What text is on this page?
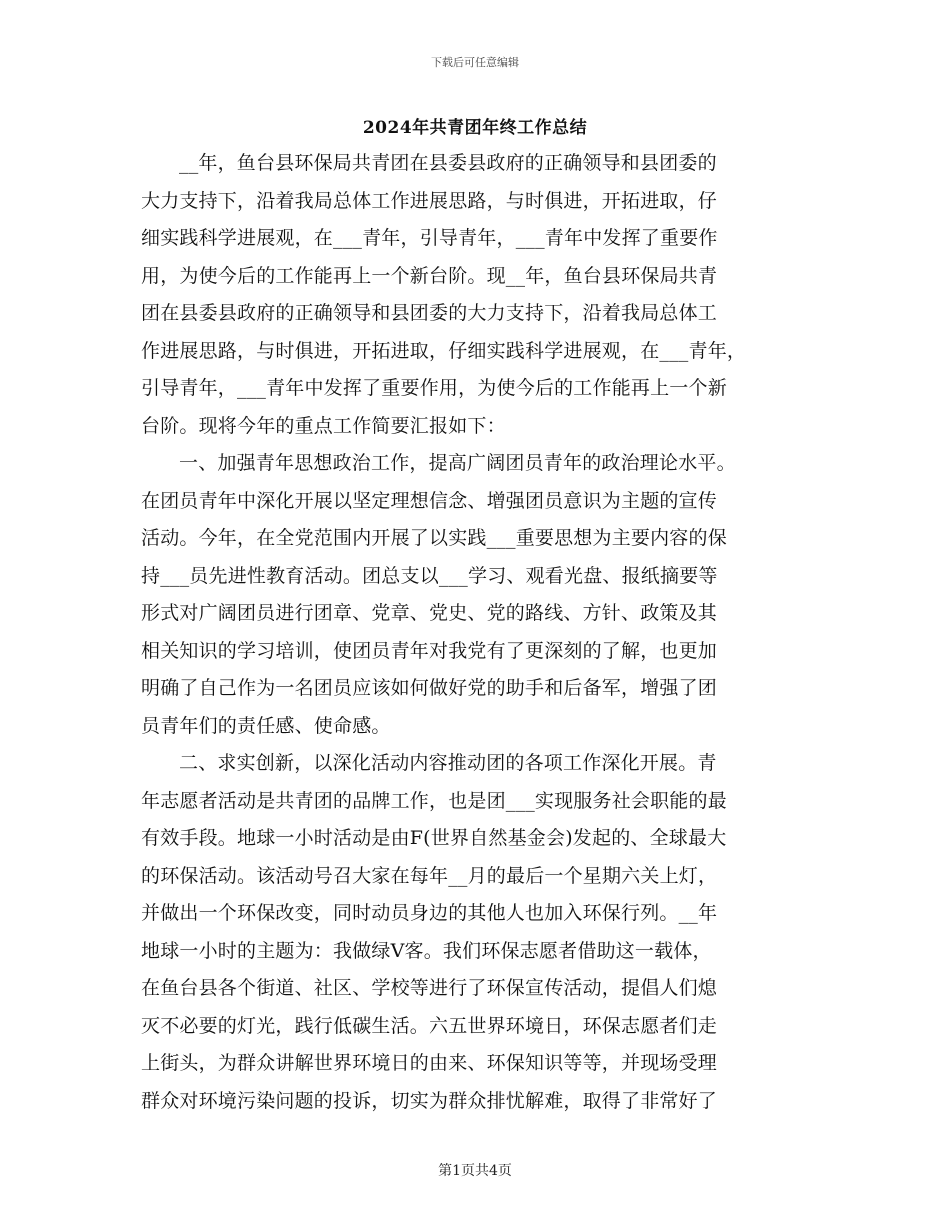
下载后可任意编辑
2024年共青团年终工作总结
__年，鱼台县环保局共青团在县委县政府的正确领导和县团委的
大力支持下，沿着我局总体工作进展思路，与时俱进，开拓进取，仔
细实践科学进展观，在___青年，引导青年，___青年中发挥了重要作
用，为使今后的工作能再上一个新台阶。现__年，鱼台县环保局共青
团在县委县政府的正确领导和县团委的大力支持下，沿着我局总体工
作进展思路，与时俱进，开拓进取，仔细实践科学进展观，在___青年，
引导青年，___青年中发挥了重要作用，为使今后的工作能再上一个新
台阶。现将今年的重点工作简要汇报如下：
一、加强青年思想政治工作，提高广阔团员青年的政治理论水平。
在团员青年中深化开展以坚定理想信念、增强团员意识为主题的宣传
活动。今年，在全党范围内开展了以实践___重要思想为主要内容的保
持___员先进性教育活动。团总支以___学习、观看光盘、报纸摘要等
形式对广阔团员进行团章、党章、党史、党的路线、方针、政策及其
相关知识的学习培训，使团员青年对我党有了更深刻的了解，也更加
明确了自己作为一名团员应该如何做好党的助手和后备军，增强了团
员青年们的责任感、使命感。
二、求实创新，以深化活动内容推动团的各项工作深化开展。青
年志愿者活动是共青团的品牌工作，也是团___实现服务社会职能的最
有效手段。地球一小时活动是由F(世界自然基金会)发起的、全球最大
的环保活动。该活动号召大家在每年__月的最后一个星期六关上灯，
并做出一个环保改变，同时动员身边的其他人也加入环保行列。__年
地球一小时的主题为：我做绿V客。我们环保志愿者借助这一载体，
在鱼台县各个街道、社区、学校等进行了环保宣传活动，提倡人们熄
灭不必要的灯光，践行低碳生活。六五世界环境日，环保志愿者们走
上街头，为群众讲解世界环境日的由来、环保知识等等，并现场受理
群众对环境污染问题的投诉，切实为群众排忧解难，取得了非常好了
第1页共4页
